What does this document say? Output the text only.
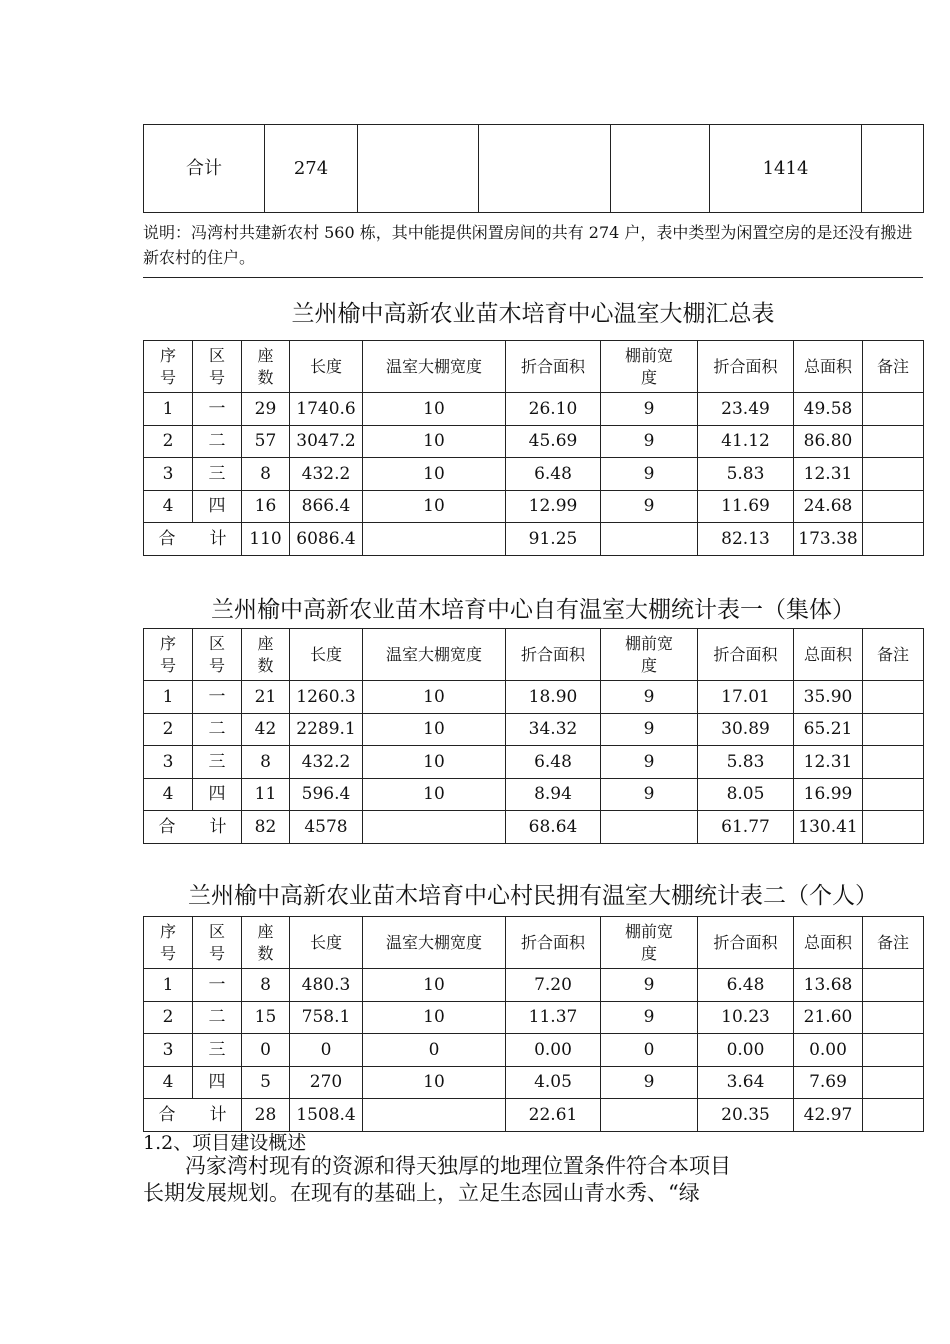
合计	274				1414	
说明：冯湾村共建新农村 560 栋，其中能提供闲置房间的共有 274 户，表中类型为闲置空房的是还没有搬进新农村的住户。
兰州榆中高新农业苗木培育中心温室大棚汇总表
序号	区号	座数	长度	温室大棚宽度	折合面积	棚前宽度	折合面积	总面积	备注
1	一	29	1740.6	10	26.10	9	23.49	49.58	
2	二	57	3047.2	10	45.69	9	41.12	86.80	
3	三	8	432.2	10	6.48	9	5.83	12.31	
4	四	16	866.4	10	12.99	9	11.69	24.68	
合　　计		110	6086.4		91.25		82.13	173.38	
兰州榆中高新农业苗木培育中心自有温室大棚统计表一（集体）
序号	区号	座数	长度	温室大棚宽度	折合面积	棚前宽度	折合面积	总面积	备注
1	一	21	1260.3	10	18.90	9	17.01	35.90	
2	二	42	2289.1	10	34.32	9	30.89	65.21	
3	三	8	432.2	10	6.48	9	5.83	12.31	
4	四	11	596.4	10	8.94	9	8.05	16.99	
合　　计		82	4578		68.64		61.77	130.41	
兰州榆中高新农业苗木培育中心村民拥有温室大棚统计表二（个人）
序号	区号	座数	长度	温室大棚宽度	折合面积	棚前宽度	折合面积	总面积	备注
1	一	8	480.3	10	7.20	9	6.48	13.68	
2	二	15	758.1	10	11.37	9	10.23	21.60	
3	三	0	0	0	0.00	0	0.00	0.00	
4	四	5	270	10	4.05	9	3.64	7.69	
合　　计		28	1508.4		22.61		20.35	42.97	
1.2、项目建设概述
　　冯家湾村现有的资源和得天独厚的地理位置条件符合本项目
长期发展规划。在现有的基础上，立足生态园山青水秀、“绿
